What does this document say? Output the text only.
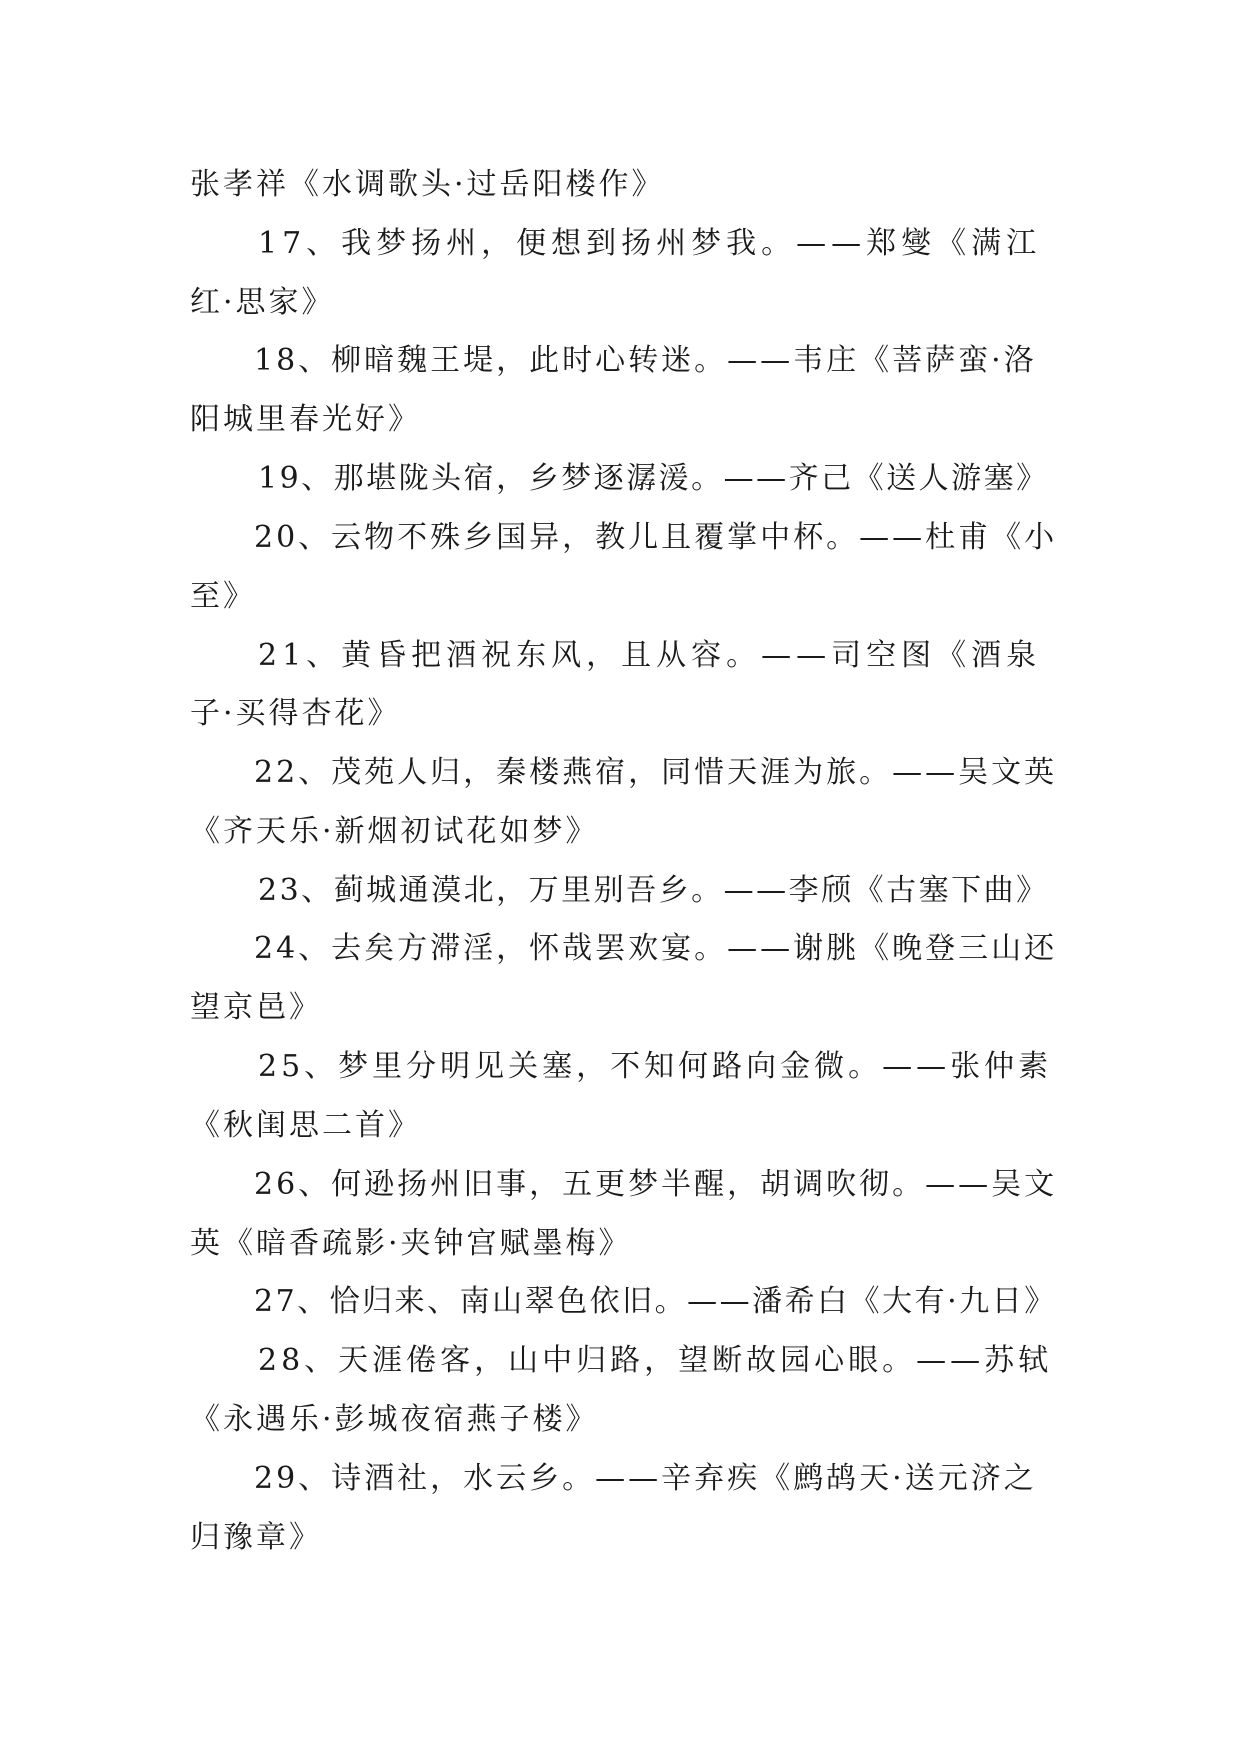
张孝祥《水调歌头·过岳阳楼作》
17、我梦扬州，便想到扬州梦我。——郑燮《满江
红·思家》
18、柳暗魏王堤，此时心转迷。——韦庄《菩萨蛮·洛
阳城里春光好》
19、那堪陇头宿，乡梦逐潺湲。——齐己《送人游塞》
20、云物不殊乡国异，教儿且覆掌中杯。——杜甫《小
至》
21、黄昏把酒祝东风，且从容。——司空图《酒泉
子·买得杏花》
22、茂苑人归，秦楼燕宿，同惜天涯为旅。——吴文英
《齐天乐·新烟初试花如梦》
23、蓟城通漠北，万里别吾乡。——李颀《古塞下曲》
24、去矣方滞淫，怀哉罢欢宴。——谢朓《晚登三山还
望京邑》
25、梦里分明见关塞，不知何路向金微。——张仲素
《秋闺思二首》
26、何逊扬州旧事，五更梦半醒，胡调吹彻。——吴文
英《暗香疏影·夹钟宫赋墨梅》
27、恰归来、南山翠色依旧。——潘希白《大有·九日》
28、天涯倦客，山中归路，望断故园心眼。——苏轼
《永遇乐·彭城夜宿燕子楼》
29、诗酒社，水云乡。——辛弃疾《鹧鸪天·送元济之
归豫章》
